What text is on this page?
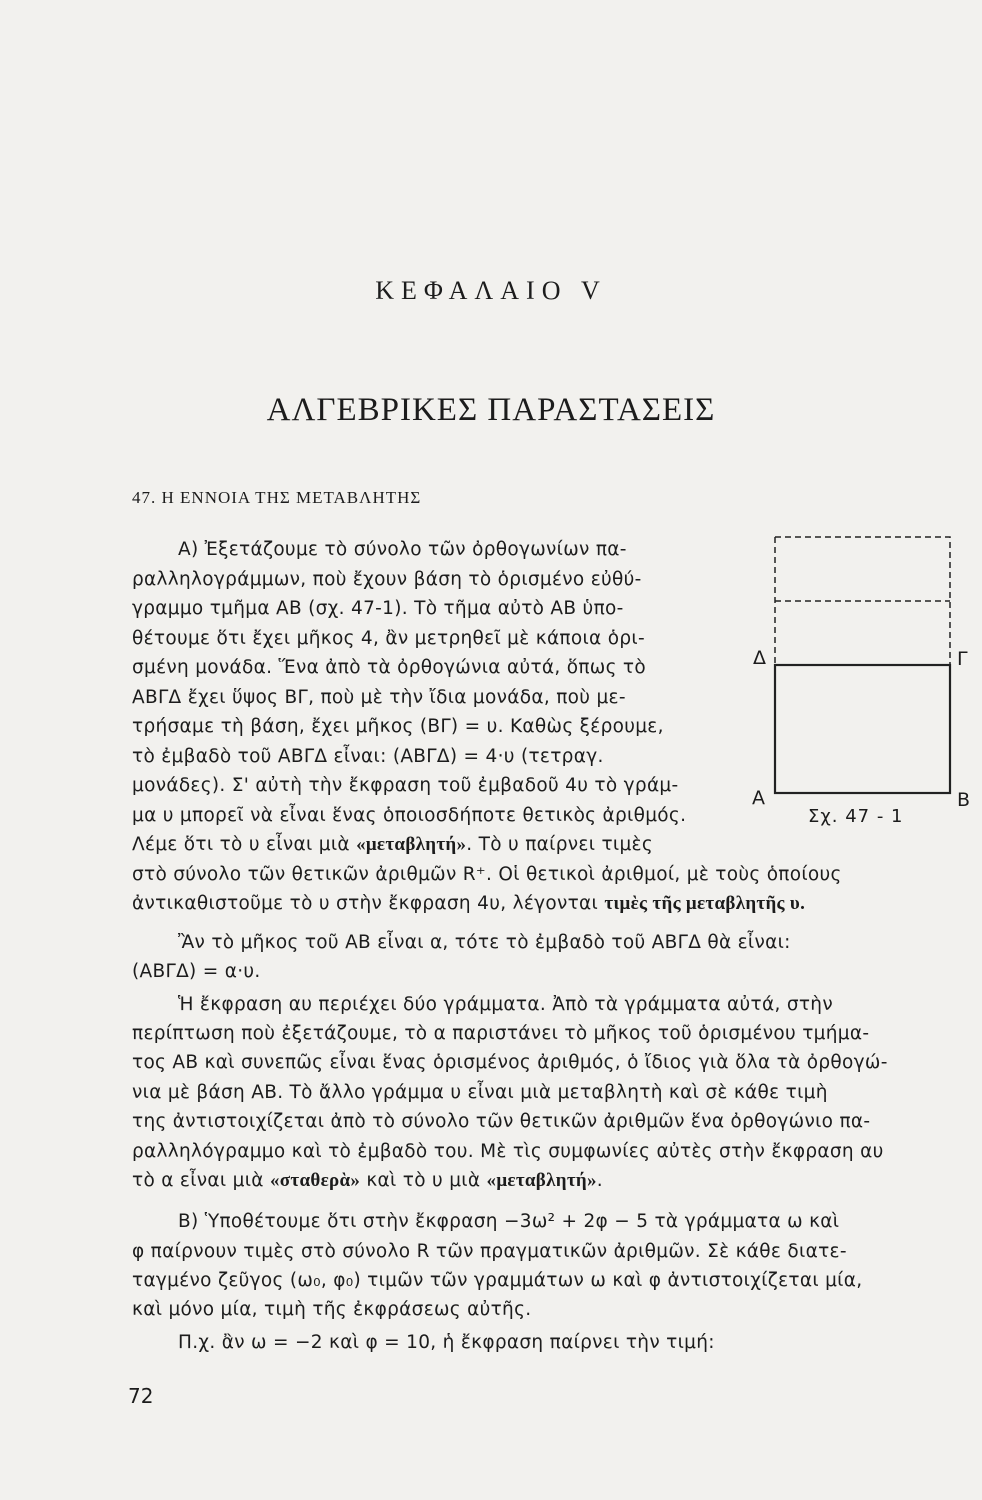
ΚΕΦΑΛΑΙΟ V
ΑΛΓΕΒΡΙΚΕΣ ΠΑΡΑΣΤΑΣΕΙΣ
47. Η ΕΝΝΟΙΑ ΤΗΣ ΜΕΤΑΒΛΗΤΗΣ
A) Ἐξετάζουμε τὸ σύνολο τῶν ὀρθογωνίων πα-
ραλληλογράμμων, ποὺ ἔχουν βάση τὸ ὁρισμένο εὐθύ-
γραμμο τμῆμα ΑΒ (σχ. 47-1). Τὸ τῆμα αὐτὸ ΑΒ ὑπο-
θέτουμε ὅτι ἔχει μῆκος 4, ἂν μετρηθεῖ μὲ κάποια ὁρι-
σμένη μονάδα. Ἕνα ἀπὸ τὰ ὀρθογώνια αὐτά, ὅπως τὸ
ΑΒΓΔ ἔχει ὕψος ΒΓ, ποὺ μὲ τὴν ἴδια μονάδα, ποὺ με-
τρήσαμε τὴ βάση, ἔχει μῆκος (ΒΓ) = υ. Καθὼς ξέρουμε,
τὸ ἐμβαδὸ τοῦ ΑΒΓΔ εἶναι: (ΑΒΓΔ) = 4·υ (τετραγ.
μονάδες). Σ' αὐτὴ τὴν ἔκφραση τοῦ ἐμβαδοῦ 4υ τὸ γράμ-
μα υ μπορεῖ νὰ εἶναι ἕνας ὁποιοσδήποτε θετικὸς ἀριθμός.
Λέμε ὅτι τὸ υ εἶναι μιὰ «μεταβλητή». Τὸ υ παίρνει τιμὲς
στὸ σύνολο τῶν θετικῶν ἀριθμῶν R⁺. Οἱ θετικοὶ ἀριθμοί, μὲ τοὺς ὁποίους
ἀντικαθιστοῦμε τὸ υ στὴν ἔκφραση 4υ, λέγονται τιμὲς τῆς μεταβλητῆς υ.
Ἂν τὸ μῆκος τοῦ ΑΒ εἶναι α, τότε τὸ ἐμβαδὸ τοῦ ΑΒΓΔ θὰ εἶναι:
(ΑΒΓΔ) = α·υ.
Ἡ ἔκφραση αυ περιέχει δύο γράμματα. Ἀπὸ τὰ γράμματα αὐτά, στὴν
περίπτωση ποὺ ἐξετάζουμε, τὸ α παριστάνει τὸ μῆκος τοῦ ὁρισμένου τμήμα-
τος ΑΒ καὶ συνεπῶς εἶναι ἕνας ὁρισμένος ἀριθμός, ὁ ἴδιος γιὰ ὅλα τὰ ὀρθογώ-
νια μὲ βάση ΑΒ. Τὸ ἄλλο γράμμα υ εἶναι μιὰ μεταβλητὴ καὶ σὲ κάθε τιμὴ
της ἀντιστοιχίζεται ἀπὸ τὸ σύνολο τῶν θετικῶν ἀριθμῶν ἕνα ὀρθογώνιο πα-
ραλληλόγραμμο καὶ τὸ ἐμβαδὸ του. Μὲ τὶς συμφωνίες αὐτὲς στὴν ἔκφραση αυ
τὸ α εἶναι μιὰ «σταθερὰ» καὶ τὸ υ μιὰ «μεταβλητή».
B) Ὑποθέτουμε ὅτι στὴν ἔκφραση −3ω² + 2φ − 5 τὰ γράμματα ω καὶ
φ παίρνουν τιμὲς στὸ σύνολο R τῶν πραγματικῶν ἀριθμῶν. Σὲ κάθε διατε-
ταγμένο ζεῦγος (ω₀, φ₀) τιμῶν τῶν γραμμάτων ω καὶ φ ἀντιστοιχίζεται μία,
καὶ μόνο μία, τιμὴ τῆς ἐκφράσεως αὐτῆς.
Π.χ. ἂν ω = −2 καὶ φ = 10, ἡ ἔκφραση παίρνει τὴν τιμή:
Δ	Γ
Α	Β
Σχ. 47 - 1
72
